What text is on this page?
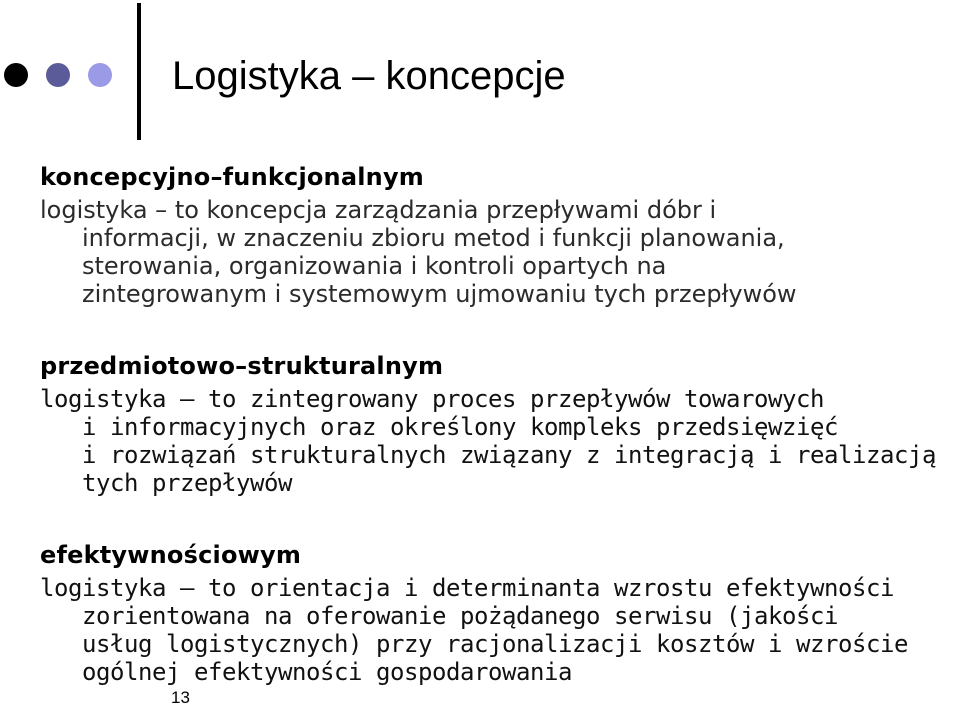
Logistyka – koncepcje
koncepcyjno–funkcjonalnym
logistyka – to koncepcja zarządzania przepływami dóbr i
informacji, w znaczeniu zbioru metod i funkcji planowania,
sterowania, organizowania i kontroli opartych na
zintegrowanym i systemowym ujmowaniu tych przepływów
przedmiotowo–strukturalnym
logistyka – to zintegrowany proces przepływów towarowych
i informacyjnych oraz określony kompleks przedsięwzięć
i rozwiązań strukturalnych związany z integracją i realizacją
tych przepływów
efektywnościowym
logistyka – to orientacja i determinanta wzrostu efektywności
zorientowana na oferowanie pożądanego serwisu (jakości
usług logistycznych) przy racjonalizacji kosztów i wzroście
ogólnej efektywności gospodarowania
13
